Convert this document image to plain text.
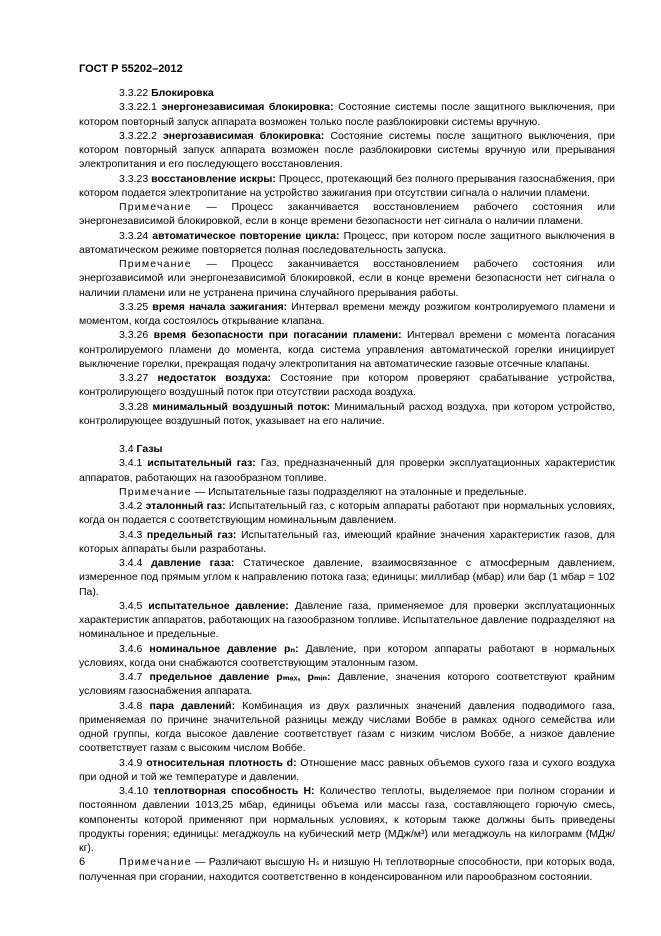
ГОСТ Р 55202–2012

3.3.22 Блокировка

3.3.22.1 энергонезависимая блокировка: Состояние системы после защитного выключения, при котором повторный запуск аппарата возможен только после разблокировки системы вручную.

3.3.22.2 энергозависимая блокировка: Состояние системы после защитного выключения, при котором повторный запуск аппарата возможен после разблокировки системы вручную или прерывания электропитания и его последующего восстановления.

3.3.23 восстановление искры: Процесс, протекающий без полного прерывания газоснабжения, при котором подается электропитание на устройство зажигания при отсутствии сигнала о наличии пламени.

Примечание — Процесс заканчивается восстановлением рабочего состояния или энергонезависимой блокировкой, если в конце времени безопасности нет сигнала о наличии пламени.

3.3.24 автоматическое повторение цикла: Процесс, при котором после защитного выключения в автоматическом режиме повторяется полная последовательность запуска.

Примечание — Процесс заканчивается восстановлением рабочего состояния или энергозависимой или энергонезависимой блокировкой, если в конце времени безопасности нет сигнала о наличии пламени или не устранена причина случайного прерывания работы.

3.3.25 время начала зажигания: Интервал времени между розжигом контролируемого пламени и моментом, когда состоялось открывание клапана.

3.3.26 время безопасности при погасании пламени: Интервал времени с момента погасания контролируемого пламени до момента, когда система управления автоматической горелки инициирует выключение горелки, прекращая подачу электропитания на автоматические газовые отсечные клапаны.

3.3.27 недостаток воздуха: Состояние при котором проверяют срабатывание устройства, контролирующего воздушный поток при отсутствии расхода воздуха.

3.3.28 минимальный воздушный поток: Минимальный расход воздуха, при котором устройство, контролирующее воздушный поток, указывает на его наличие.

3.4 Газы

3.4.1 испытательный газ: Газ, предназначенный для проверки эксплуатационных характеристик аппаратов, работающих на газообразном топливе.

Примечание — Испытательные газы подразделяют на эталонные и предельные.

3.4.2 эталонный газ: Испытательный газ, с которым аппараты работают при нормальных условиях, когда он подается с соответствующим номинальным давлением.

3.4.3 предельный газ: Испытательный газ, имеющий крайние значения характеристик газов, для которых аппараты были разработаны.

3.4.4 давление газа: Статическое давление, взаимосвязанное с атмосферным давлением, измеренное под прямым углом к направлению потока газа; единицы: миллибар (мбар) или бар (1 мбар = 102 Па).

3.4.5 испытательное давление: Давление газа, применяемое для проверки эксплуатационных характеристик аппаратов, работающих на газообразном топливе. Испытательное давление подразделяют на номинальное и предельные.

3.4.6 номинальное давление pₙ: Давление, при котором аппараты работают в нормальных условиях, когда они снабжаются соответствующим эталонным газом.

3.4.7 предельное давление pₘₐₓ, pₘᵢₙ: Давление, значения которого соответствуют крайним условиям газоснабжения аппарата.

3.4.8 пара давлений: Комбинация из двух различных значений давления подводимого газа, применяемая по причине значительной разницы между числами Воббе в рамках одного семейства или одной группы, когда высокое давление соответствует газам с низким числом Воббе, а низкое давление соответствует газам с высоким числом Воббе.

3.4.9 относительная плотность d: Отношение масс равных объемов сухого газа и сухого воздуха при одной и той же температуре и давлении.

3.4.10 теплотворная способность H: Количество теплоты, выделяемое при полном сгорании и постоянном давлении 1013,25 мбар, единицы объема или массы газа, составляющего горючую смесь, компоненты которой применяют при нормальных условиях, к которым также должны быть приведены продукты горения; единицы: мегаджоуль на кубический метр (МДж/м³) или мегаджоуль на килограмм (МДж/кг).

Примечание — Различают высшую Hₛ и низшую Hᵢ теплотворные способности, при которых вода, полученная при сгорании, находится соответственно в конденсированном или парообразном состоянии.

6
